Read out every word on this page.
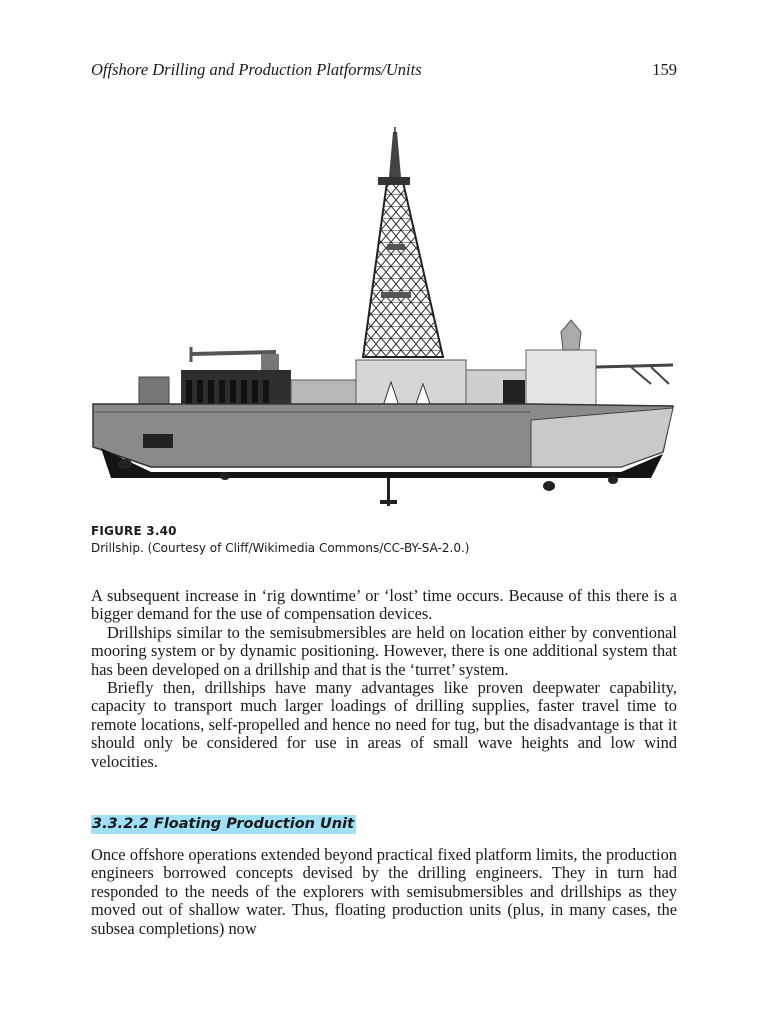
Offshore Drilling and Production Platforms/Units	159
FIGURE 3.40
Drillship. (Courtesy of Cliff/Wikimedia Commons/CC-BY-SA-2.0.)

A subsequent increase in ‘rig downtime’ or ‘lost’ time occurs. Because of this there is a bigger demand for the use of compensation devices.

Drillships similar to the semisubmersibles are held on location either by conventional mooring system or by dynamic positioning. However, there is one additional system that has been developed on a drillship and that is the ‘turret’ system.

Briefly then, drillships have many advantages like proven deepwater capability, capacity to transport much larger loadings of drilling supplies, faster travel time to remote locations, self-propelled and hence no need for tug, but the disadvantage is that it should only be considered for use in areas of small wave heights and low wind velocities.

3.3.2.2 Floating Production Unit

Once offshore operations extended beyond practical fixed platform limits, the production engineers borrowed concepts devised by the drilling engineers. They in turn had responded to the needs of the explorers with semisubmersibles and drillships as they moved out of shallow water. Thus, floating production units (plus, in many cases, the subsea completions) now
